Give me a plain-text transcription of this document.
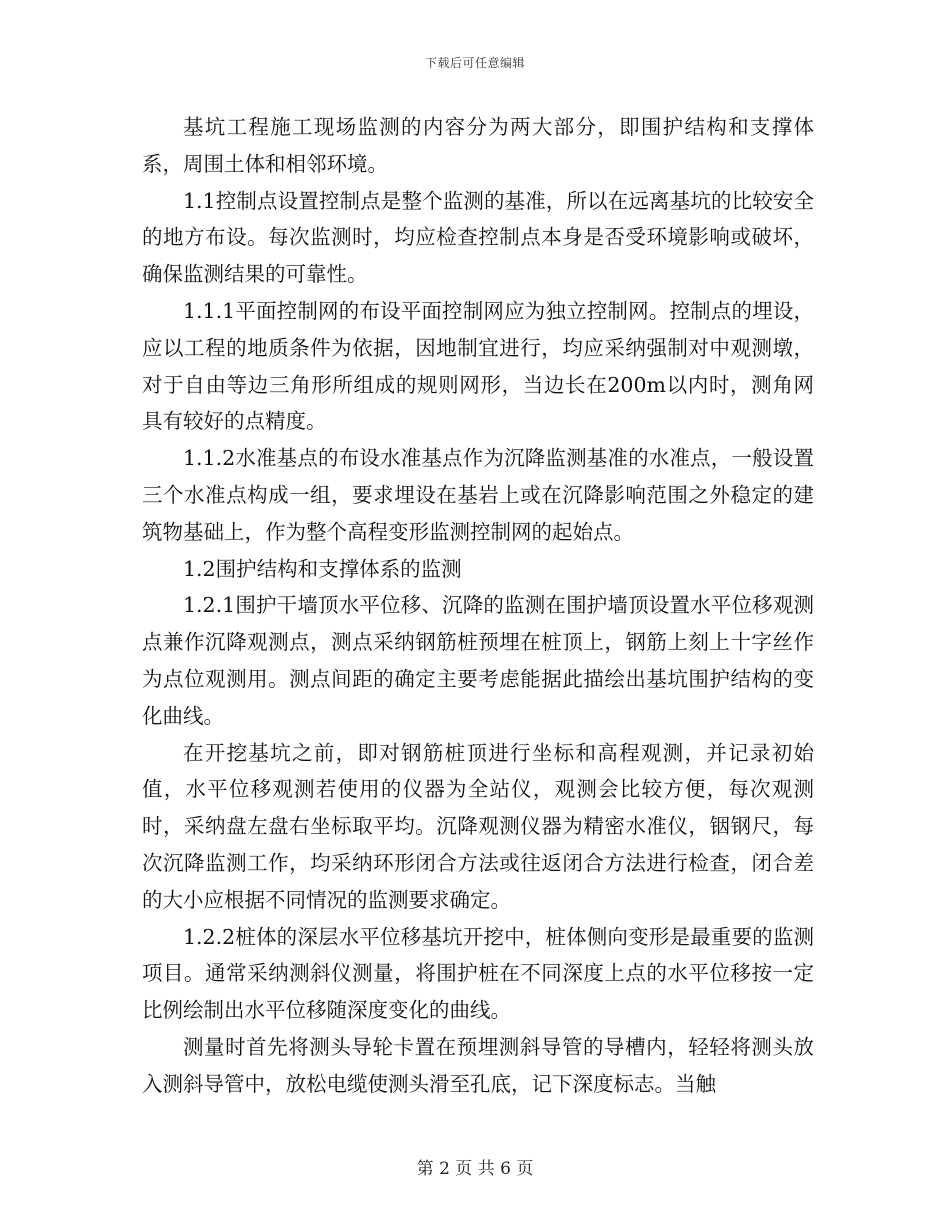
下载后可任意编辑

基坑工程施工现场监测的内容分为两大部分，即围护结构和支撑体系，周围土体和相邻环境。

1.1控制点设置控制点是整个监测的基准，所以在远离基坑的比较安全的地方布设。每次监测时，均应检查控制点本身是否受环境影响或破坏，确保监测结果的可靠性。

1.1.1平面控制网的布设平面控制网应为独立控制网。控制点的埋设，应以工程的地质条件为依据，因地制宜进行，均应采纳强制对中观测墩，对于自由等边三角形所组成的规则网形，当边长在200m以内时，测角网具有较好的点精度。

1.1.2水准基点的布设水准基点作为沉降监测基准的水准点，一般设置三个水准点构成一组，要求埋设在基岩上或在沉降影响范围之外稳定的建筑物基础上，作为整个高程变形监测控制网的起始点。

1.2围护结构和支撑体系的监测

1.2.1围护干墙顶水平位移、沉降的监测在围护墙顶设置水平位移观测点兼作沉降观测点，测点采纳钢筋桩预埋在桩顶上，钢筋上刻上十字丝作为点位观测用。测点间距的确定主要考虑能据此描绘出基坑围护结构的变化曲线。

在开挖基坑之前，即对钢筋桩顶进行坐标和高程观测，并记录初始值，水平位移观测若使用的仪器为全站仪，观测会比较方便，每次观测时，采纳盘左盘右坐标取平均。沉降观测仪器为精密水准仪，铟钢尺，每次沉降监测工作，均采纳环形闭合方法或往返闭合方法进行检查，闭合差的大小应根据不同情况的监测要求确定。

1.2.2桩体的深层水平位移基坑开挖中，桩体侧向变形是最重要的监测项目。通常采纳测斜仪测量，将围护桩在不同深度上点的水平位移按一定比例绘制出水平位移随深度变化的曲线。

测量时首先将测头导轮卡置在预埋测斜导管的导槽内，轻轻将测头放入测斜导管中，放松电缆使测头滑至孔底，记下深度标志。当触

第 2 页 共 6 页
